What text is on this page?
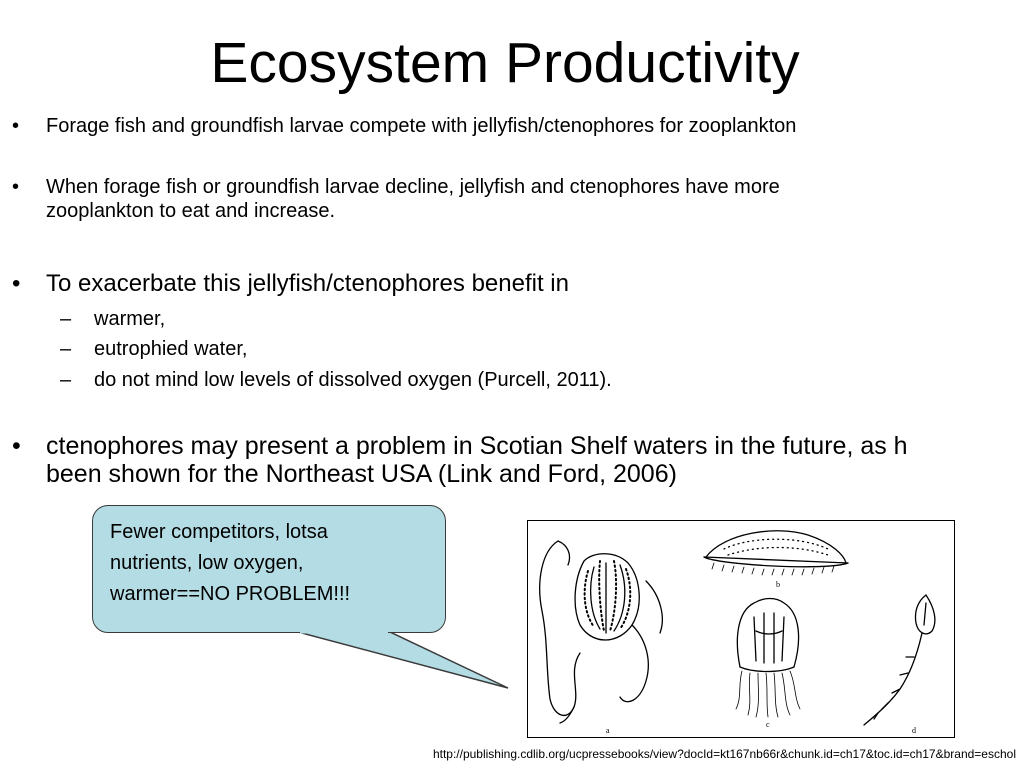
Ecosystem Productivity
•	Forage fish and groundfish larvae compete with jellyfish/ctenophores for zooplankton
•	When forage fish or groundfish larvae decline, jellyfish and ctenophores have more
zooplankton to eat and increase.
•	To exacerbate this jellyfish/ctenophores benefit in
–	warmer,
–	eutrophied water,
–	do not mind low levels of dissolved oxygen (Purcell, 2011).
•	ctenophores may present a problem in Scotian Shelf waters in the future, as h
been shown for the Northeast USA (Link and Ford, 2006)
Fewer competitors, lotsa
nutrients, low oxygen,
warmer==NO PROBLEM!!!
a
b
c
d
http://publishing.cdlib.org/ucpressebooks/view?docId=kt167nb66r&chunk.id=ch17&toc.id=ch17&brand=eschol
